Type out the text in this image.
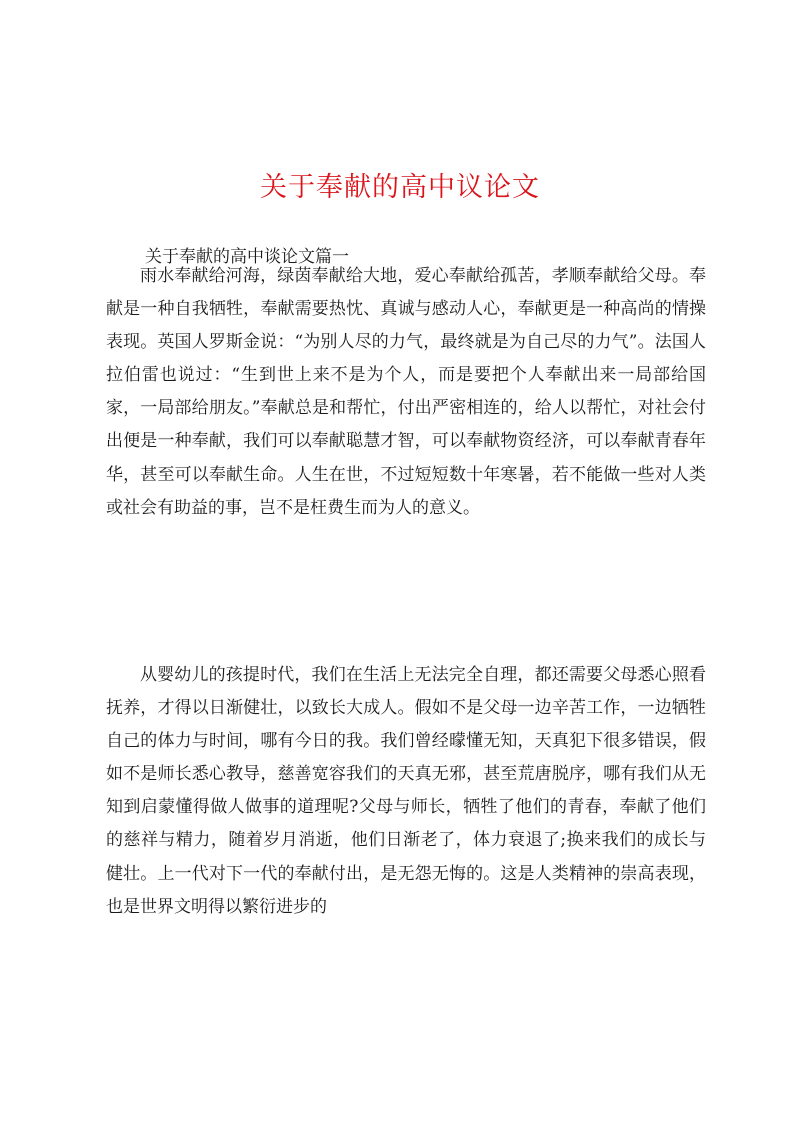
关于奉献的高中议论文
关于奉献的高中谈论文篇一

雨水奉献给河海，绿茵奉献给大地，爱心奉献给孤苦，孝顺奉献给父母。奉献是一种自我牺牲，奉献需要热忱、真诚与感动人心，奉献更是一种高尚的情操表现。英国人罗斯金说：“为别人尽的力气，最终就是为自己尽的力气”。法国人拉伯雷也说过：“生到世上来不是为个人，而是要把个人奉献出来一局部给国家，一局部给朋友。”奉献总是和帮忙，付出严密相连的，给人以帮忙，对社会付出便是一种奉献，我们可以奉献聪慧才智，可以奉献物资经济，可以奉献青春年华，甚至可以奉献生命。人生在世，不过短短数十年寒暑，若不能做一些对人类或社会有助益的事，岂不是枉费生而为人的意义。

从婴幼儿的孩提时代，我们在生活上无法完全自理，都还需要父母悉心照看抚养，才得以日渐健壮，以致长大成人。假如不是父母一边辛苦工作，一边牺牲自己的体力与时间，哪有今日的我。我们曾经曚懂无知，天真犯下很多错误，假如不是师长悉心教导，慈善宽容我们的天真无邪，甚至荒唐脱序，哪有我们从无知到启蒙懂得做人做事的道理呢?父母与师长，牺牲了他们的青春，奉献了他们的慈祥与精力，随着岁月消逝，他们日渐老了，体力衰退了;换来我们的成长与健壮。上一代对下一代的奉献付出，是无怨无悔的。这是人类精神的崇高表现，也是世界文明得以繁衍进步的
